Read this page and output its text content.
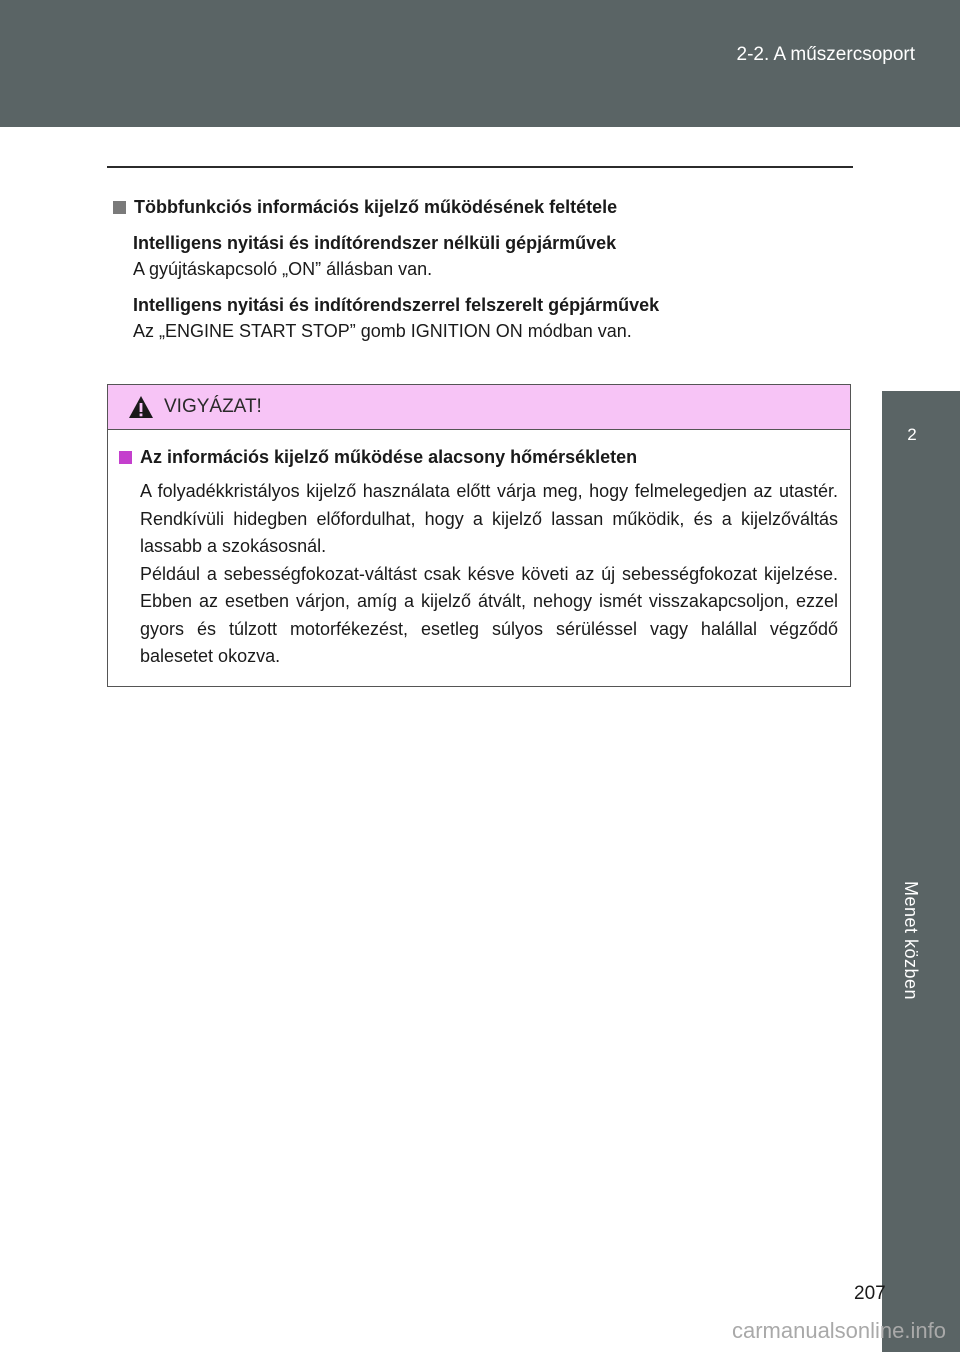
2-2. A műszercsoport
2
Menet közben
Többfunkciós információs kijelző működésének feltétele
Intelligens nyitási és indítórendszer nélküli gépjárművek
A gyújtáskapcsoló „ON” állásban van.
Intelligens nyitási és indítórendszerrel felszerelt gépjárművek
Az „ENGINE START STOP” gomb IGNITION ON módban van.
VIGYÁZAT!
Az információs kijelző működése alacsony hőmérsékleten
A folyadékkristályos kijelző használata előtt várja meg, hogy felmelegedjen az utastér. Rendkívüli hidegben előfordulhat, hogy a kijelző lassan működik, és a kijelzőváltás lassabb a szokásosnál.
Például a sebességfokozat-váltást csak késve követi az új sebességfokozat kijelzése. Ebben az esetben várjon, amíg a kijelző átvált, nehogy ismét visszakapcsoljon, ezzel gyors és túlzott motorfékezést, esetleg súlyos sérüléssel vagy halállal végződő balesetet okozva.
207
carmanualsonline.info
